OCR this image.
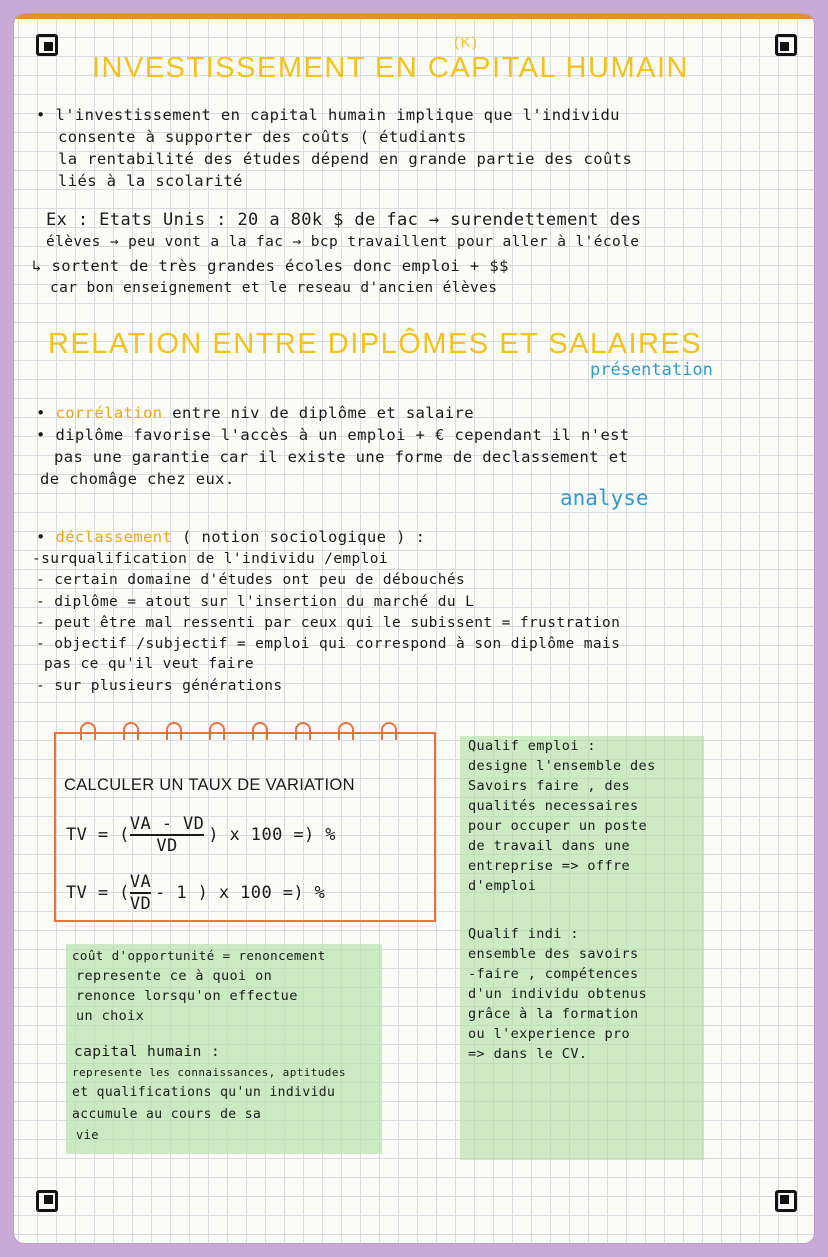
(K)
INVESTISSEMENT EN CAPITAL HUMAIN
• l'investissement en capital humain implique que l'individu
consente à supporter des coûts ( étudiants
la rentabilité des études dépend en grande partie des coûts
liés à la scolarité
Ex : Etats Unis : 20 a 80k $ de fac → surendettement des
élèves → peu vont a la fac → bcp travaillent pour aller à l'école
↳ sortent de très grandes écoles donc emploi + $$
car bon enseignement et le reseau d'ancien élèves
RELATION ENTRE DIPLÔMES ET SALAIRES
présentation
• corrélation entre niv de diplôme et salaire
• diplôme favorise l'accès à un emploi + € cependant il n'est
pas une garantie car il existe une forme de declassement et
de chomâge chez eux.
analyse
• déclassement ( notion sociologique ) :
-surqualification de l'individu /emploi
- certain domaine d'études ont peu de débouchés
- diplôme = atout sur l'insertion du marché du L
- peut être mal ressenti par ceux qui le subissent = frustration
- objectif /subjectif = emploi qui correspond à son diplôme mais
pas ce qu'il veut faire
- sur plusieurs générations
Qualif emploi :
designe l'ensemble des
Savoirs faire , des
qualités necessaires
pour occuper un poste
de travail dans une
entreprise => offre
d'emploi
Qualif indi :
ensemble des savoirs
-faire , compétences
d'un individu obtenus
grâce à la formation
ou l'experience pro
=> dans le CV.
CALCULER UN TAUX DE VARIATION
TV = ( $\frac{VA - VD}{VD}$ ) x 100 =) %
TV = ( $\frac{VA}{VD} - 1$ ) x 100 =) %
coût d'opportunité = renoncement
represente ce à quoi on
renonce lorsqu'on effectue
un choix
capital humain :
represente les connaissances, aptitudes
et qualifications qu'un individu
accumule au cours de sa
vie
